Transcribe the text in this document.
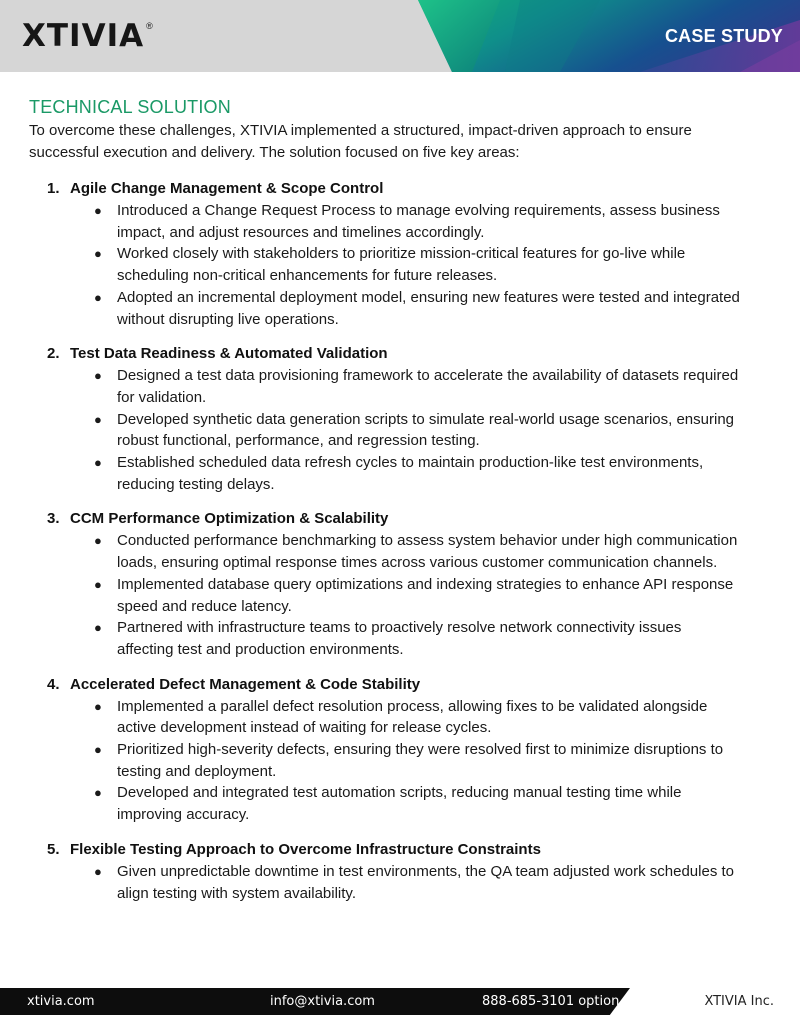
XTIVIA ®	CASE STUDY
TECHNICAL SOLUTION
To overcome these challenges, XTIVIA implemented a structured, impact-driven approach to ensure successful execution and delivery. The solution focused on five key areas:
1. Agile Change Management & Scope Control
●	Introduced a Change Request Process to manage evolving requirements, assess business impact, and adjust resources and timelines accordingly.
●	Worked closely with stakeholders to prioritize mission-critical features for go-live while scheduling non-critical enhancements for future releases.
●	Adopted an incremental deployment model, ensuring new features were tested and integrated without disrupting live operations.
2. Test Data Readiness & Automated Validation
●	Designed a test data provisioning framework to accelerate the availability of datasets required for validation.
●	Developed synthetic data generation scripts to simulate real-world usage scenarios, ensuring robust functional, performance, and regression testing.
●	Established scheduled data refresh cycles to maintain production-like test environments, reducing testing delays.
3. CCM Performance Optimization & Scalability
●	Conducted performance benchmarking to assess system behavior under high communication loads, ensuring optimal response times across various customer communication channels.
●	Implemented database query optimizations and indexing strategies to enhance API response speed and reduce latency.
●	Partnered with infrastructure teams to proactively resolve network connectivity issues affecting test and production environments.
4. Accelerated Defect Management & Code Stability
●	Implemented a parallel defect resolution process, allowing fixes to be validated alongside active development instead of waiting for release cycles.
●	Prioritized high-severity defects, ensuring they were resolved first to minimize disruptions to testing and deployment.
●	Developed and integrated test automation scripts, reducing manual testing time while improving accuracy.
5. Flexible Testing Approach to Overcome Infrastructure Constraints
●	Given unpredictable downtime in test environments, the QA team adjusted work schedules to align testing with system availability.
xtivia.com	info@xtivia.com	888-685-3101 option 2	XTIVIA Inc.
